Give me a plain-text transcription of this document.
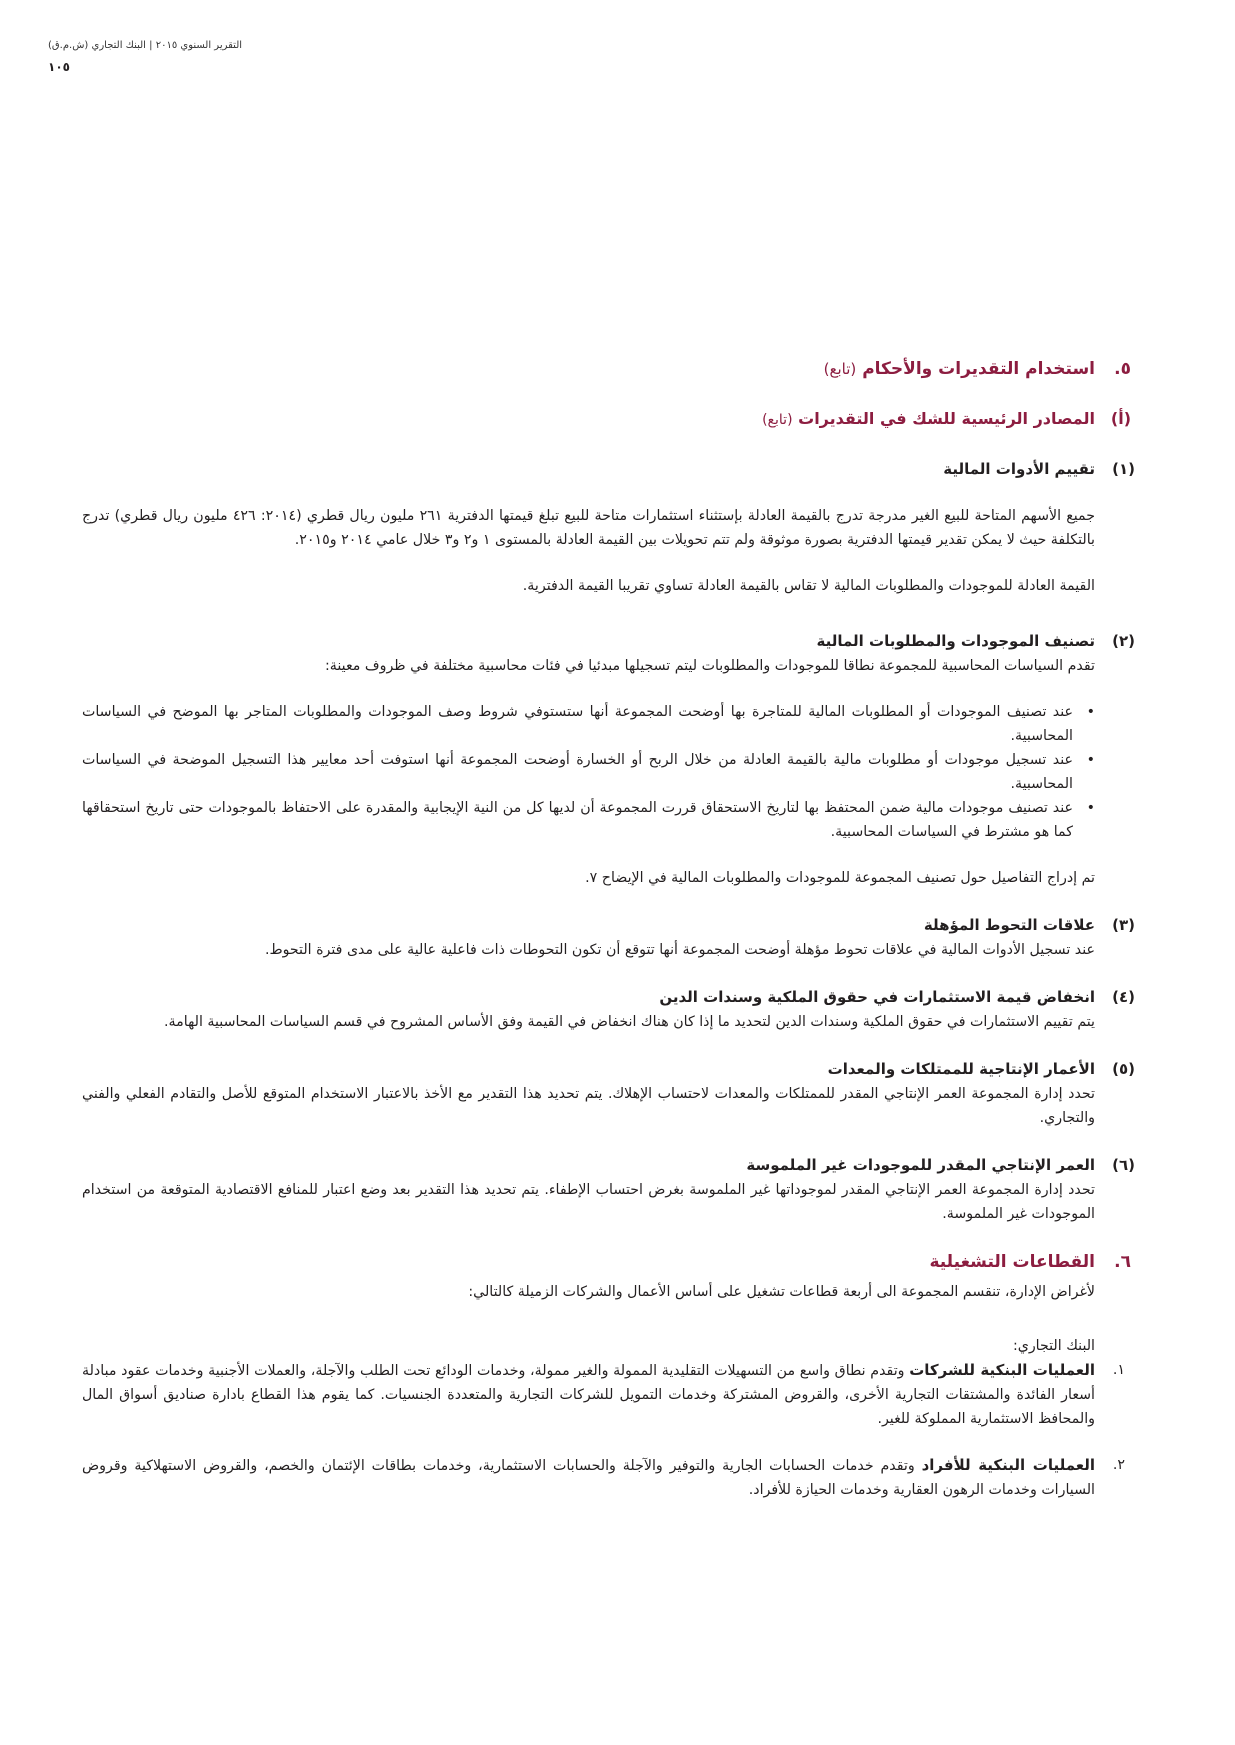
التقرير السنوي ٢٠١٥ | البنك التجاري (ش.م.ق)
١٠٥
٥.
استخدام التقديرات والأحكام (تابع)
(أ)
المصادر الرئيسية للشك في التقديرات (تابع)
(١)
تقييم الأدوات المالية

جميع الأسهم المتاحة للبيع الغير مدرجة تدرج بالقيمة العادلة بإستثناء استثمارات متاحة للبيع تبلغ قيمتها الدفترية ٢٦١ مليون ريال قطري (٢٠١٤: ٤٢٦ مليون ريال قطري) تدرج بالتكلفة حيث لا يمكن تقدير قيمتها الدفترية بصورة موثوقة ولم تتم تحويلات بين القيمة العادلة بالمستوى ١ و٢ و٣ خلال عامي ٢٠١٤ و٢٠١٥.

القيمة العادلة للموجودات والمطلوبات المالية لا تقاس بالقيمة العادلة تساوي تقريبا القيمة الدفترية.

(٢)
تصنيف الموجودات والمطلوبات المالية

تقدم السياسات المحاسبية للمجموعة نطاقا للموجودات والمطلوبات ليتم تسجيلها مبدئيا في فئات محاسبية مختلفة في ظروف معينة:

• عند تصنيف الموجودات أو المطلوبات المالية للمتاجرة بها أوضحت المجموعة أنها ستستوفي شروط وصف الموجودات والمطلوبات المتاجر بها الموضح في السياسات المحاسبية.
• عند تسجيل موجودات أو مطلوبات مالية بالقيمة العادلة من خلال الربح أو الخسارة أوضحت المجموعة أنها استوفت أحد معايير هذا التسجيل الموضحة في السياسات المحاسبية.
• عند تصنيف موجودات مالية ضمن المحتفظ بها لتاريخ الاستحقاق قررت المجموعة أن لديها كل من النية الإيجابية والمقدرة على الاحتفاظ بالموجودات حتى تاريخ استحقاقها كما هو مشترط في السياسات المحاسبية.

تم إدراج التفاصيل حول تصنيف المجموعة للموجودات والمطلوبات المالية في الإيضاح ٧.

(٣)
علاقات التحوط المؤهلة

عند تسجيل الأدوات المالية في علاقات تحوط مؤهلة أوضحت المجموعة أنها تتوقع أن تكون التحوطات ذات فاعلية عالية على مدى فترة التحوط.

(٤)
انخفاض قيمة الاستثمارات في حقوق الملكية وسندات الدين

يتم تقييم الاستثمارات في حقوق الملكية وسندات الدين لتحديد ما إذا كان هناك انخفاض في القيمة وفق الأساس المشروح في قسم السياسات المحاسبية الهامة.

(٥)
الأعمار الإنتاجية للممتلكات والمعدات

تحدد إدارة المجموعة العمر الإنتاجي المقدر للممتلكات والمعدات لاحتساب الإهلاك. يتم تحديد هذا التقدير مع الأخذ بالاعتبار الاستخدام المتوقع للأصل والتقادم الفعلي والفني والتجاري.

(٦)
العمر الإنتاجي المقدر للموجودات غير الملموسة

تحدد إدارة المجموعة العمر الإنتاجي المقدر لموجوداتها غير الملموسة بغرض احتساب الإطفاء. يتم تحديد هذا التقدير بعد وضع اعتبار للمنافع الاقتصادية المتوقعة من استخدام الموجودات غير الملموسة.

٦.
القطاعات التشغيلية

لأغراض الإدارة، تنقسم المجموعة الى أربعة قطاعات تشغيل على أساس الأعمال والشركات الزميلة كالتالي:

البنك التجاري:

١.
العمليات البنكية للشركات وتقدم نطاق واسع من التسهيلات التقليدية الممولة والغير ممولة، وخدمات الودائع تحت الطلب والآجلة، والعملات الأجنبية وخدمات عقود مبادلة أسعار الفائدة والمشتقات التجارية الأخرى، والقروض المشتركة وخدمات التمويل للشركات التجارية والمتعددة الجنسيات. كما يقوم هذا القطاع بادارة صناديق أسواق المال والمحافظ الاستثمارية المملوكة للغير.
٢.
العمليات البنكية للأفراد وتقدم خدمات الحسابات الجارية والتوفير والآجلة والحسابات الاستثمارية، وخدمات بطاقات الإئتمان والخصم، والقروض الاستهلاكية وقروض السيارات وخدمات الرهون العقارية وخدمات الحيازة للأفراد.
